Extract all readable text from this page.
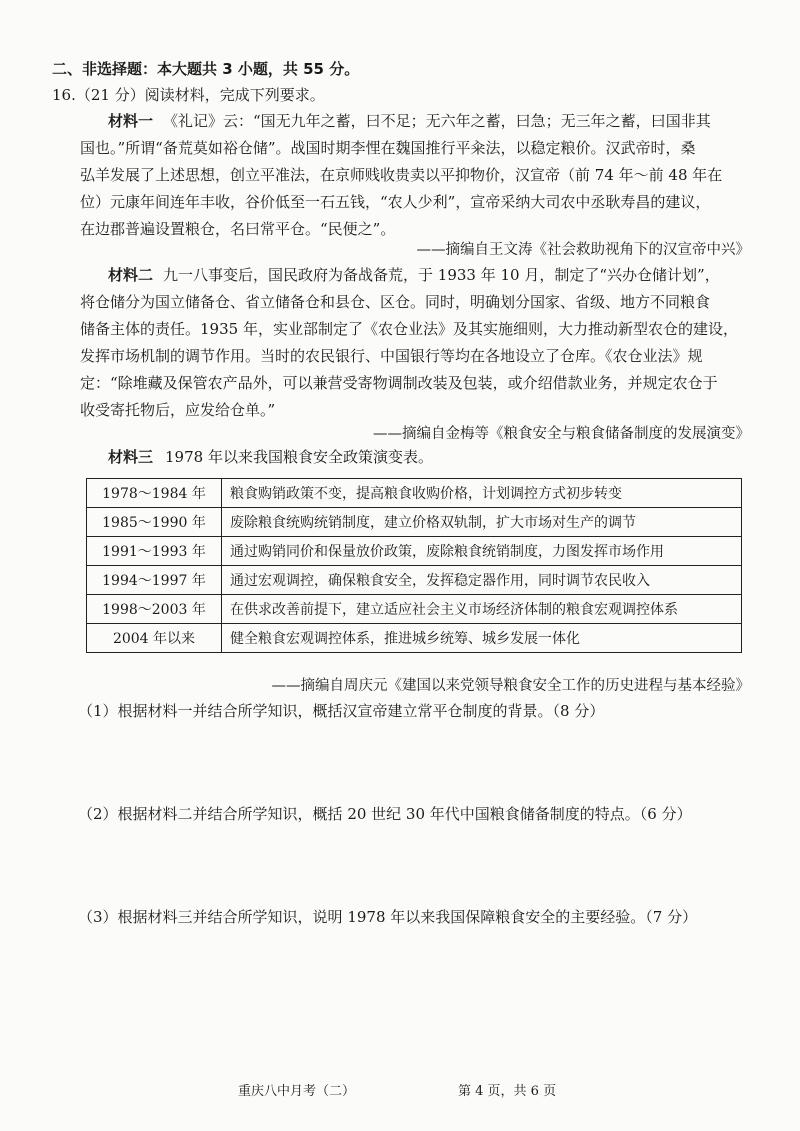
二、非选择题：本大题共 3 小题，共 55 分。
16.（21 分）阅读材料，完成下列要求。
材料一 《礼记》云：“国无九年之蓄，曰不足；无六年之蓄，曰急；无三年之蓄，曰国非其
国也。”所谓“备荒莫如裕仓储”。战国时期李悝在魏国推行平籴法，以稳定粮价。汉武帝时，桑
弘羊发展了上述思想，创立平准法，在京师贱收贵卖以平抑物价，汉宣帝（前 74 年～前 48 年在
位）元康年间连年丰收，谷价低至一石五钱，“农人少利”，宣帝采纳大司农中丞耿寿昌的建议，
在边郡普遍设置粮仓，名曰常平仓。“民便之”。
——摘编自王文涛《社会救助视角下的汉宣帝中兴》
材料二 九一八事变后，国民政府为备战备荒，于 1933 年 10 月，制定了“兴办仓储计划”，
将仓储分为国立储备仓、省立储备仓和县仓、区仓。同时，明确划分国家、省级、地方不同粮食
储备主体的责任。1935 年，实业部制定了《农仓业法》及其实施细则，大力推动新型农仓的建设，
发挥市场机制的调节作用。当时的农民银行、中国银行等均在各地设立了仓库。《农仓业法》规
定：“除堆藏及保管农产品外，可以兼营受寄物调制改装及包装，或介绍借款业务，并规定农仓于
收受寄托物后，应发给仓单。”
——摘编自金梅等《粮食安全与粮食储备制度的发展演变》
材料三 1978 年以来我国粮食安全政策演变表。
1978～1984 年	粮食购销政策不变，提高粮食收购价格，计划调控方式初步转变
1985～1990 年	废除粮食统购统销制度，建立价格双轨制，扩大市场对生产的调节
1991～1993 年	通过购销同价和保量放价政策，废除粮食统销制度，力图发挥市场作用
1994～1997 年	通过宏观调控，确保粮食安全，发挥稳定器作用，同时调节农民收入
1998～2003 年	在供求改善前提下，建立适应社会主义市场经济体制的粮食宏观调控体系
2004 年以来	健全粮食宏观调控体系，推进城乡统筹、城乡发展一体化
——摘编自周庆元《建国以来党领导粮食安全工作的历史进程与基本经验》
（1）根据材料一并结合所学知识，概括汉宣帝建立常平仓制度的背景。（8 分）
（2）根据材料二并结合所学知识，概括 20 世纪 30 年代中国粮食储备制度的特点。（6 分）
（3）根据材料三并结合所学知识，说明 1978 年以来我国保障粮食安全的主要经验。（7 分）
重庆八中月考（二）	第 4 页，共 6 页
